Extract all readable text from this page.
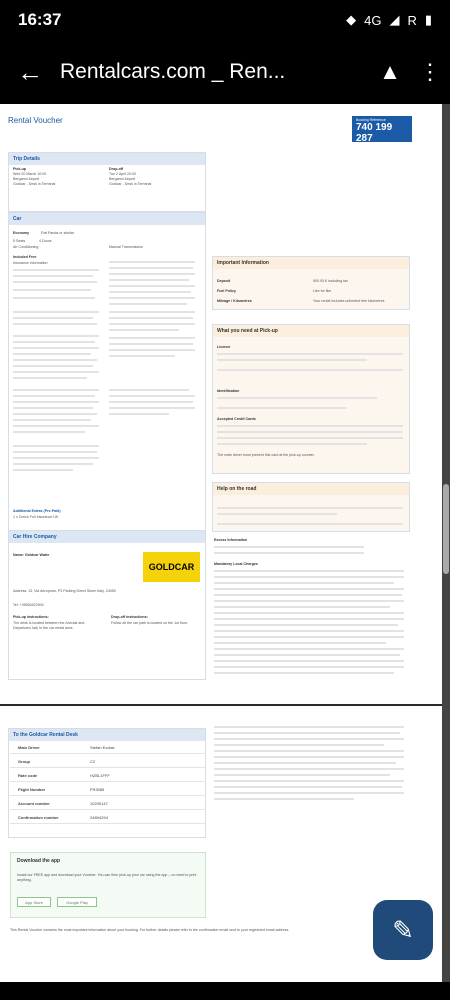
16:37	◆ 4G ◢ R ▮
← Rentalcars.com _ Ren...	▲ ⋮
Rental Voucher	Booking Reference
740 199 287
Trip Details
Pick-up
Wed 20 March 10:00
Bergamo Airport
Goldcar - Desk in Terminal
Drop-off
Tue 2 April 20:00
Bergamo Airport
Goldcar - Desk in Terminal
Car
Economy	Fiat Panda or similar
5 Seats	4 Doors
Air Conditioning	Manual Transmission
Included Free
Insurance information
Additional Extras (Pre-Paid)
1 x Zurich Full Insurance UK
Car Hire Company
Name: Goldcar Water
Address: 13, Via Aeroporto, P3 Parking Direct Storm Italy, 24050
Tel: +39064522904
Pick-up instructions:
The desk is located between the Arrivals and Departures hall, in the car rental area.
Drop-off instructions:
Follow all the car park is located on the 1st floor.
GOLDCAR
Important Information
Deposit	900.00 € including tax
Fuel Policy	Like for like
Mileage / Kilometres	Your rental includes unlimited free kilometres
What you need at Pick-up
Licence
Identification
Accepted Credit Cards
The main driver must present this card at the pick-up counter.
Help on the road
Excess Information
Mandatory Local Charges
To the Goldcar Rental Desk
Main Driver	Stefan Ecclair
Group	C2
Rate code	HZBL1FFF
Flight Number	FR3985
Account number	10230147
Confirmation number	24894294
Download the app
Install our FREE app and download your Voucher. You can then pick-up your car using the app – no need to print anything.
App Store	Google Play
This Rental Voucher contains the most important information about your booking. For further details please refer to the confirmation email sent to your registered email address.
SINCE 2004
✎
